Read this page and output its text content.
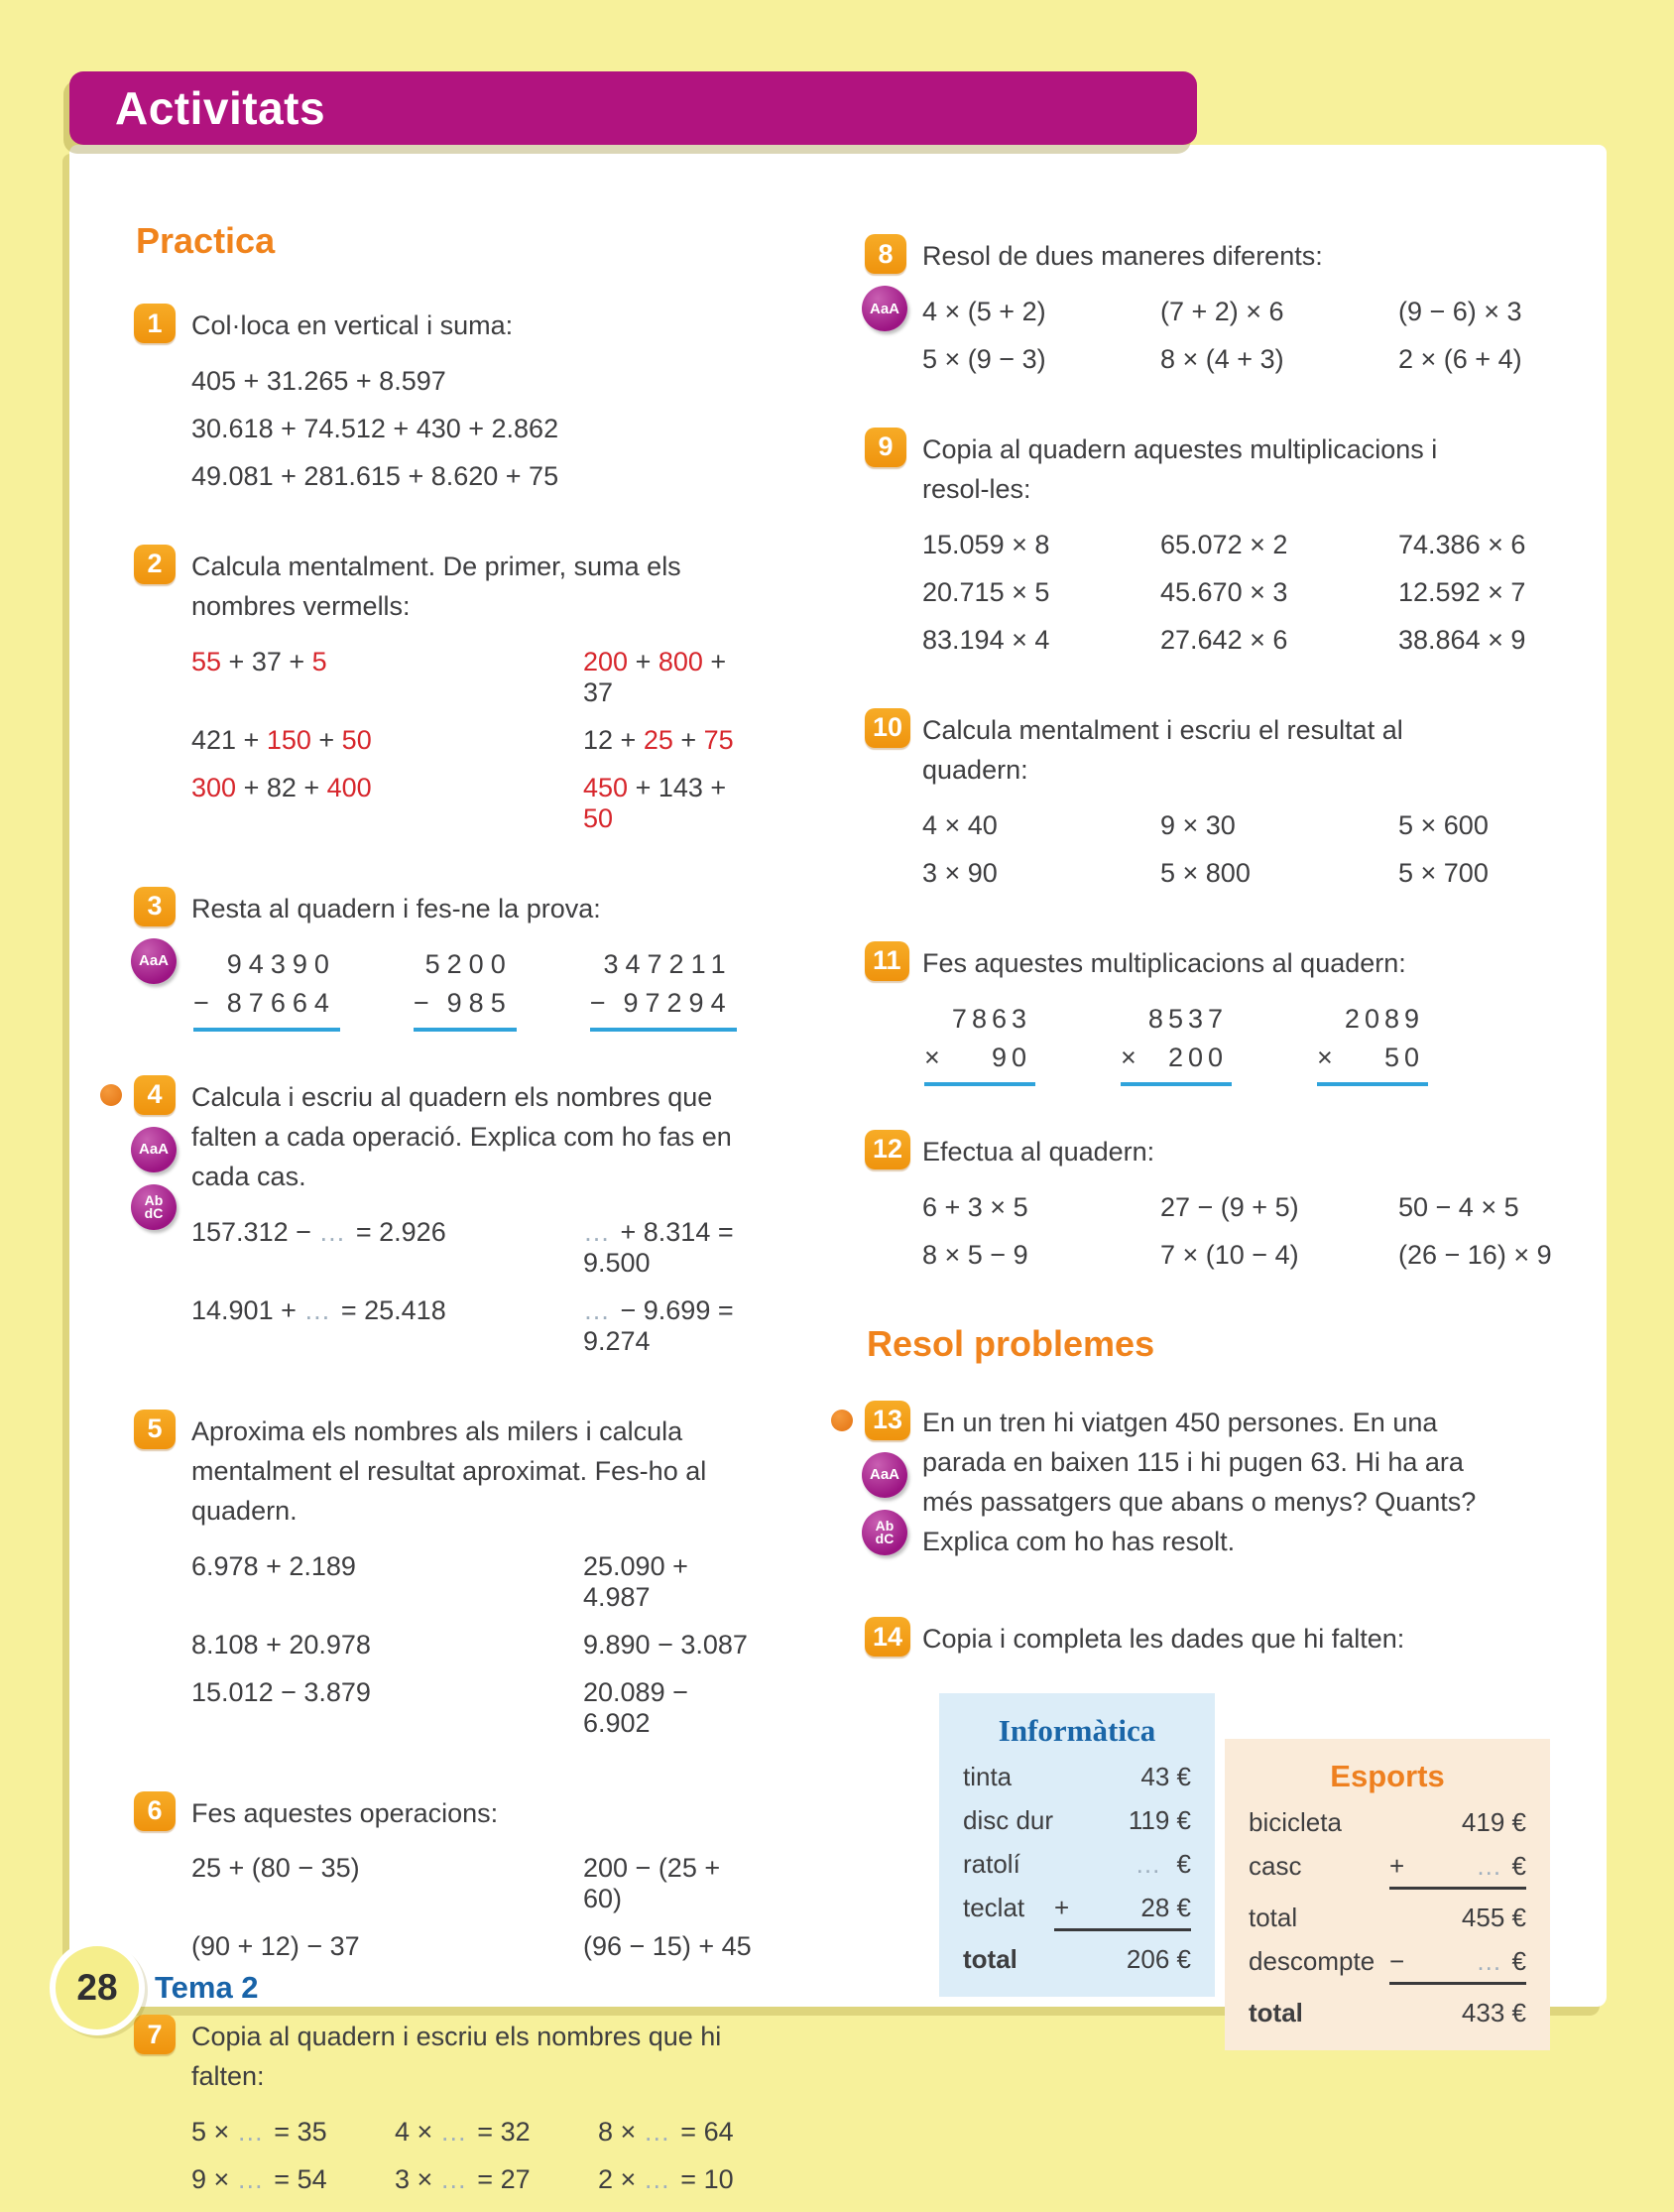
Activitats
Practica
1	Col·loca en vertical i suma:

405 + 31.265 + 8.597
30.618 + 74.512 + 430 + 2.862
49.081 + 281.615 + 8.620 + 75
2	Calcula mentalment. De primer, suma els nombres vermells:

55 + 37 + 5	200 + 800 + 37
421 + 150 + 50	12 + 25 + 75
300 + 82 + 400	450 + 143 + 50
3
AaA

Resta al quadern i fes-ne la prova:

94390
− 87664
5200
− 985
347211
− 97294
4
AaA
Ab
dC

Calcula i escriu al quadern els nombres que falten a cada operació. Explica com ho fas en cada cas.

157.312 − … = 2.926	… + 8.314 = 9.500
14.901 + … = 25.418	… − 9.699 = 9.274
5	Aproxima els nombres als milers i calcula mentalment el resultat aproximat. Fes-ho al quadern.

6.978 + 2.189	25.090 + 4.987
8.108 + 20.978	9.890 − 3.087
15.012 − 3.879	20.089 − 6.902
6	Fes aquestes operacions:

25 + (80 − 35)	200 − (25 + 60)
(90 + 12) − 37	(96 − 15) + 45
7	Copia al quadern i escriu els nombres que hi falten:

5 × … = 35	4 × … = 32	8 × … = 64
9 × … = 54	3 × … = 27	2 × … = 10
8
AaA

Resol de dues maneres diferents:

4 × (5 + 2)	(7 + 2) × 6	(9 − 6) × 3
5 × (9 − 3)	8 × (4 + 3)	2 × (6 + 4)
9	Copia al quadern aquestes multiplicacions i resol-les:

15.059 × 8	65.072 × 2	74.386 × 6
20.715 × 5	45.670 × 3	12.592 × 7
83.194 × 4	27.642 × 6	38.864 × 9
10 Calcula mentalment i escriu el resultat al quadern:

4 × 40	9 × 30	5 × 600
3 × 90	5 × 800	5 × 700
11 Fes aquestes multiplicacions al quadern:

7863
× 90
8537
× 200
2089
× 50
12 Efectua al quadern:

6 + 3 × 5	27 − (9 + 5)	50 − 4 × 5
8 × 5 − 9	7 × (10 − 4)	(26 − 16) × 9
Resol problemes
13
AaA
Ab
dC

En un tren hi viatgen 450 persones. En una parada en baixen 115 i hi pugen 63. Hi ha ara més passatgers que abans o menys? Quants? Explica com ho has resolt.

14 Copia i completa les dades que hi falten:

Informàtica
tinta	43 €
disc dur	119 €
ratolí	… €
teclat +	28 €
total	206 €
Esports
bicicleta	419 €
casc	+	… €
total	455 €
descompte −	… €
total	433 €
28 Tema 2
